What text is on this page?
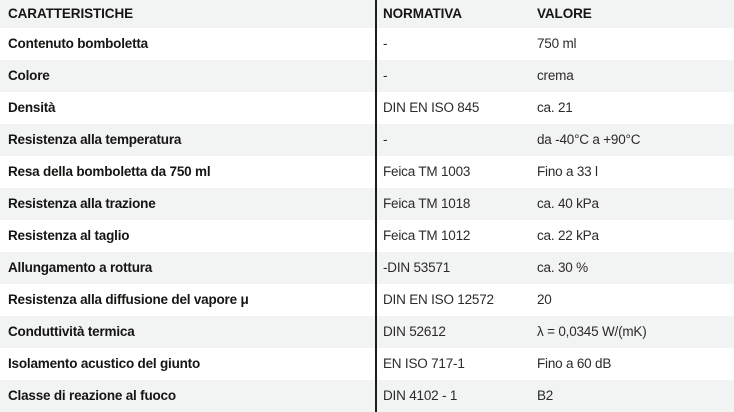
CARATTERISTICHE	NORMATIVA	VALORE
Contenuto bomboletta	-	750 ml
Colore	-	crema
Densità	DIN EN ISO 845	ca. 21
Resistenza alla temperatura	-	da -40°C a +90°C
Resa della bomboletta da 750 ml	Feica TM 1003	Fino a 33 l
Resistenza alla trazione	Feica TM 1018	ca. 40 kPa
Resistenza al taglio	Feica TM 1012	ca. 22 kPa
Allungamento a rottura	-DIN 53571	ca. 30 %
Resistenza alla diffusione del vapore μ	DIN EN ISO 12572	20
Conduttività termica	DIN 52612	λ = 0,0345 W/(mK)
Isolamento acustico del giunto	EN ISO 717-1	Fino a 60 dB
Classe di reazione al fuoco	DIN 4102 - 1	B2
